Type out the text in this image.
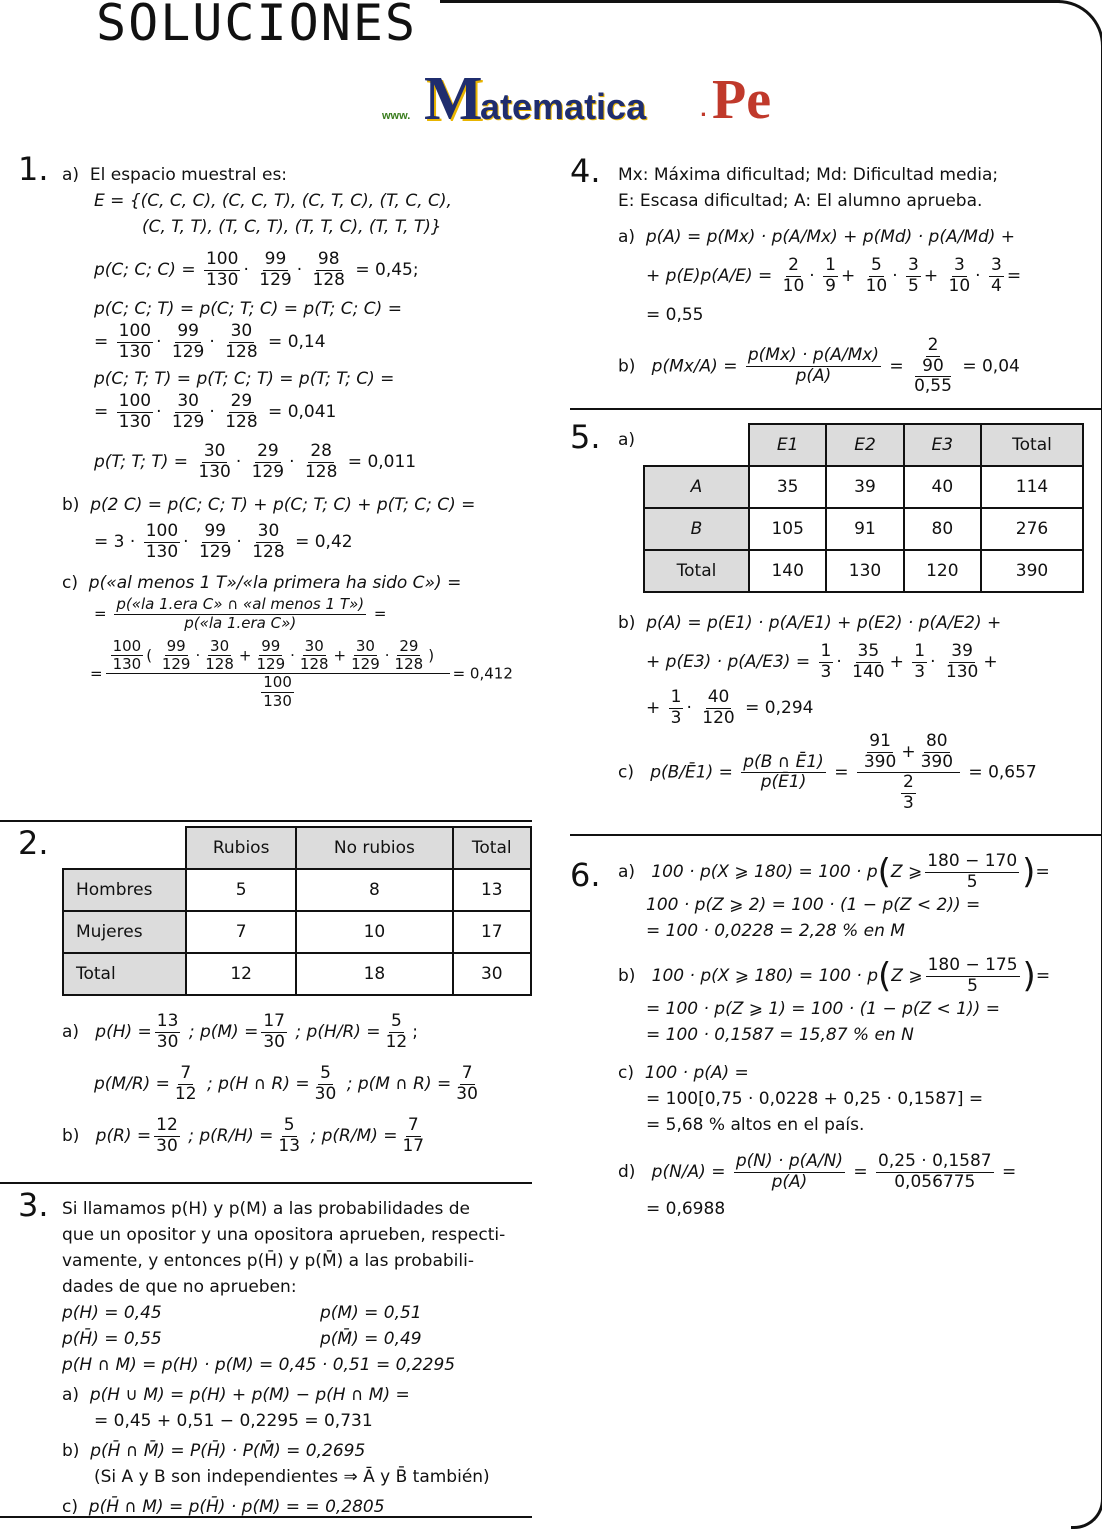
SOLUCIONES
www. M
atematica	. Pe
1. a) El espacio muestral es:
E = {(C, C, C), (C, C, T), (C, T, C), (T, C, C),
(C, T, T), (T, C, T), (T, T, C), (T, T, T)}
p(C; C; $C) = \frac{100}{130} \cdot \frac{99}{129} \cdot \frac{98}{128} = 0,45$;
p(C; C; T) = p(C; T; C) = p(T; C; C) =
= $\frac{100}{130} \cdot \frac{99}{129} \cdot \frac{30}{128} = 0,14$
p(C; T; T) = p(T; C; T) = p(T; T; C) =
= $\frac{100}{130} \cdot \frac{30}{129} \cdot \frac{29}{128} = 0,041$
p(T; T; $T) = \frac{30}{130} \cdot \frac{29}{129} \cdot \frac{28}{128} = 0,011$
b) p(2 C) = p(C; C; T) + p(C; T; C) + p(T; C; C) =
= $3 \cdot \frac{100}{130} \cdot \frac{99}{129} \cdot \frac{30}{128} = 0,42$
c) p(«al menos 1 T»/«la primera ha sido C») =
= $\frac{\text{p(«la 1.era C» ∩ «al menos 1 T»)}}{\text{p(«la 1.era C»)}}$ =
= $\frac{\frac{100}{130} ( \frac{99}{129} \cdot \frac{30}{128} + \frac{99}{129} \cdot \frac{30}{128} + \frac{30}{129} \cdot \frac{29}{128} )}{\frac{100}{130}} = 0,412$
2.
		Rubios	No rubios	Total
Hombres	5	8	13
Mujeres	7	10	17
Total	12	18	30
a) $p(H) = \frac{13}{30}$ ; $p(M) = \frac{17}{30}$ ; $p(H/R) = \frac{5}{12}$ ;
$p(M/R) = \frac{7}{12}$ ; p(H ∩ $R) = \frac{5}{30}$ ; p(M ∩ $R) = \frac{7}{30}$
b) $p(R) = \frac{12}{30}$ ; $p(R/H) = \frac{5}{13}$ ; $p(R/M) = \frac{7}{17}$
3. Si llamamos p(H) y p(M) a las probabilidades de
que un opositor y una opositora aprueben, respecti-
vamente, y entonces p(H̄) y p(M̄) a las probabili-
dades de que no aprueben:
p(H) = 0,45	p(M) = 0,51
p(H̄) = 0,55	p(M̄) = 0,49
p(H ∩ M) = p(H) · p(M) = 0,45 · 0,51 = 0,2295
a) p(H ∪ M) = p(H) + p(M) − p(H ∩ M) =
= 0,45 + 0,51 − 0,2295 = 0,731
b) p(H̄ ∩ M̄) = P(H̄) · P(M̄) = 0,2695
(Si A y B son independientes ⇒ Ā y B̄ también)
c) p(H̄ ∩ M) = p(H̄) · p(M) = = 0,2805
4. Mx: Máxima dificultad; Md: Dificultad media;
E: Escasa dificultad; A: El alumno aprueba.
a) p(A) = p(Mx) · p(A/Mx) + p(Md) · p(A/Md) +
+ $p(E)p(A/E) = \frac{2}{10} \cdot \frac{1}{9} + \frac{5}{10} \cdot \frac{3}{5} + \frac{3}{10} \cdot \frac{3}{4}$ =
= 0,55
b) $p(Mx/A) = \frac{p(Mx) \cdot p(A/Mx)}{p(A)} = \frac{\frac{2}{90}}{0,55} = 0,04$
5. a)
		E1	E2	E3	Total
A	35	39	40	114
B	105	91	80	276
Total	140	130	120	390
b) p(A) = p(E1) · p(A/E1) + p(E2) · p(A/E2) +
+ $p(E3) \cdot p(A/E3) = \frac{1}{3} \cdot \frac{35}{140} + \frac{1}{3} \cdot \frac{39}{130}$ +
+ $\frac{1}{3} \cdot \frac{40}{120} = 0,294$
c) p(B/Ē1) = $\frac{p(B \cap Ē1)}{p(Ē1)} = \frac{\frac{91}{390} + \frac{80}{390}}{\frac{2}{3}} = 0,657$
6. a) 100 · p(X ⩾ 180) = 100 · p(Z ⩾ $\frac{180 - 170}{5}$ )=
100 · p(Z ⩾ 2) = 100 · (1 − p(Z < 2)) =
= 100 · 0,0228 = 2,28 % en M
b) 100 · p(X ⩾ 180) = 100 · p(Z ⩾ $\frac{180 - 175}{5}$ )=
= 100 · p(Z ⩾ 1) = 100 · (1 − p(Z < 1)) =
= 100 · 0,1587 = 15,87 % en N
c) 100 · p(A) =
= 100[0,75 · 0,0228 + 0,25 · 0,1587] =
= 5,68 % altos en el país.
d) $p(N/A) = \frac{p(N) \cdot p(A/N)}{p(A)} = \frac{0,25 \cdot 0,1587}{0,056775}$ =
= 0,6988
